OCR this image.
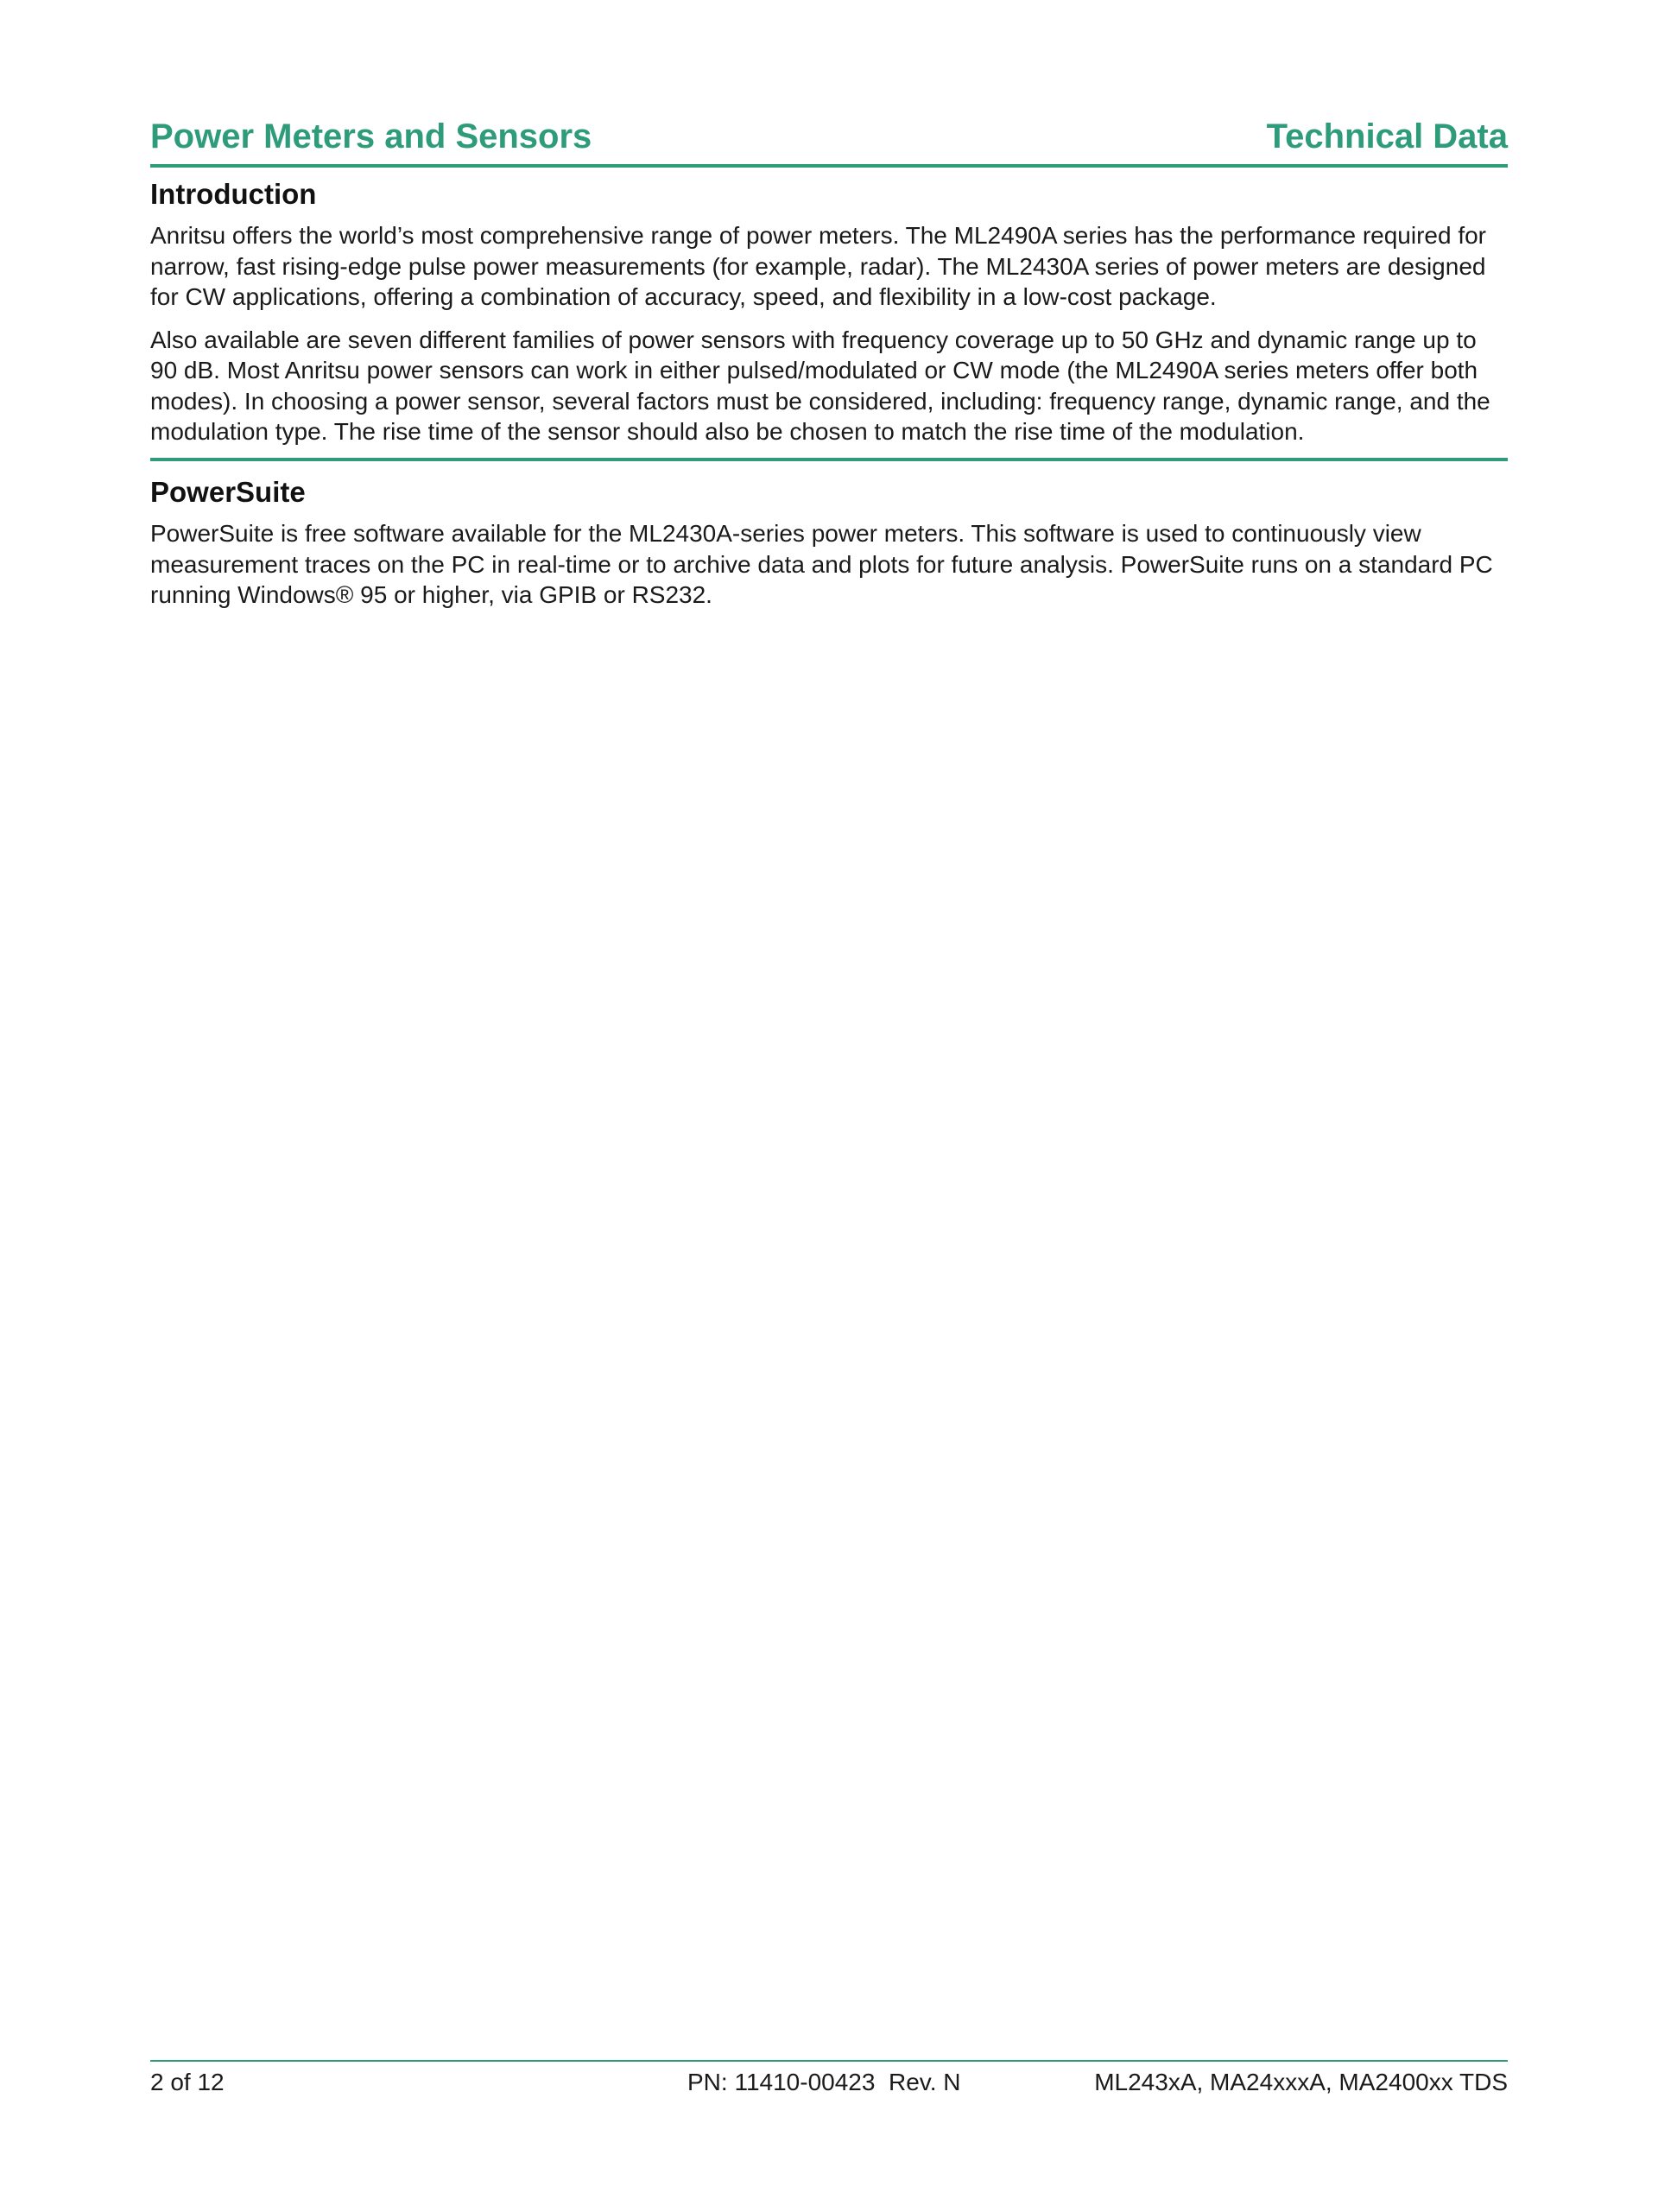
Power Meters and Sensors	Technical Data
Introduction

Anritsu offers the world’s most comprehensive range of power meters. The ML2490A series has the performance required for narrow, fast rising-edge pulse power measurements (for example, radar). The ML2430A series of power meters are designed for CW applications, offering a combination of accuracy, speed, and flexibility in a low-cost package.

Also available are seven different families of power sensors with frequency coverage up to 50 GHz and dynamic range up to 90 dB. Most Anritsu power sensors can work in either pulsed/modulated or CW mode (the ML2490A series meters offer both modes). In choosing a power sensor, several factors must be considered, including: frequency range, dynamic range, and the modulation type. The rise time of the sensor should also be chosen to match the rise time of the modulation.

PowerSuite

PowerSuite is free software available for the ML2430A-series power meters. This software is used to continuously view measurement traces on the PC in real-time or to archive data and plots for future analysis. PowerSuite runs on a standard PC running Windows® 95 or higher, via GPIB or RS232.

2 of 12	PN: 11410-00423  Rev. N	ML243xA, MA24xxxA, MA2400xx TDS
